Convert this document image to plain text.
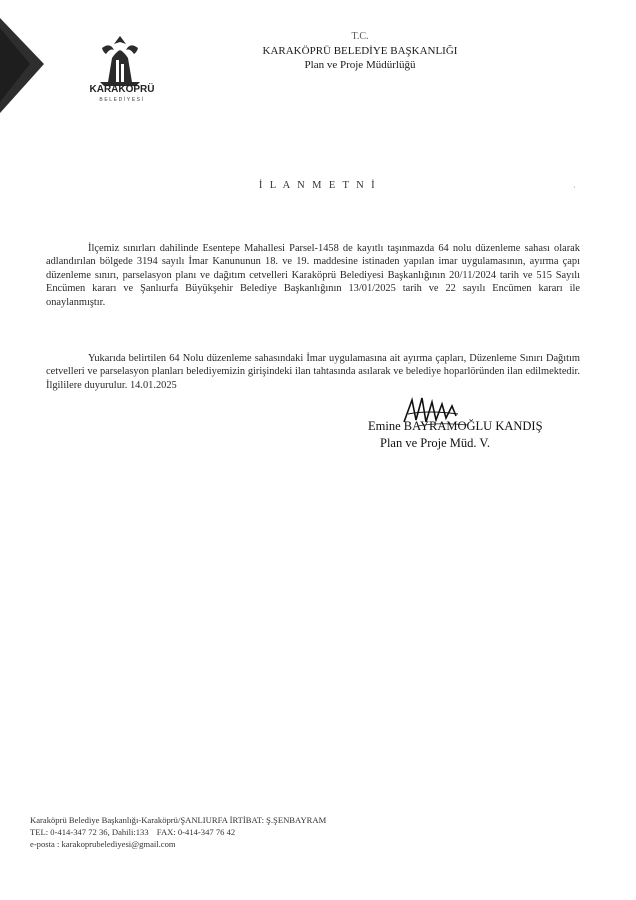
KARAKÖPRÜ
BELEDİYESİ
T.C.
KARAKÖPRÜ BELEDİYE BAŞKANLIĞI
Plan ve Proje Müdürlüğü
İ L A N M E T N İ	·
İlçemiz sınırları dahilinde Esentepe Mahallesi Parsel-1458 de kayıtlı taşınmazda 64 nolu düzenleme sahası olarak adlandırılan bölgede 3194 sayılı İmar Kanununun 18. ve 19. maddesine istinaden yapılan imar uygulamasının, ayırma çapı düzenleme sınırı, parselasyon planı ve dağıtım cetvelleri Karaköprü Belediyesi Başkanlığının 20/11/2024 tarih ve 515 Sayılı Encümen kararı ve Şanlıurfa Büyükşehir Belediye Başkanlığının 13/01/2025 tarih ve 22 sayılı Encümen kararı ile onaylanmıştır.
Yukarıda belirtilen 64 Nolu düzenleme sahasındaki İmar uygulamasına ait ayırma çapları, Düzenleme Sınırı Dağıtım cetvelleri ve parselasyon planları belediyemizin girişindeki ilan tahtasında asılarak ve belediye hoparlöründen ilan edilmektedir. İlgililere duyurulur. 14.01.2025
Emine BAYRAMOĞLU KANDIŞ
Plan ve Proje Müd. V.
Karaköprü Belediye Başkanlığı-Karaköprü/ŞANLIURFA İRTİBAT: Ş.ŞENBAYRAM
TEL: 0-414-347 72 36, Dahili:133 FAX: 0-414-347 76 42
e-posta : karakoprubelediyesi@gmail.com
